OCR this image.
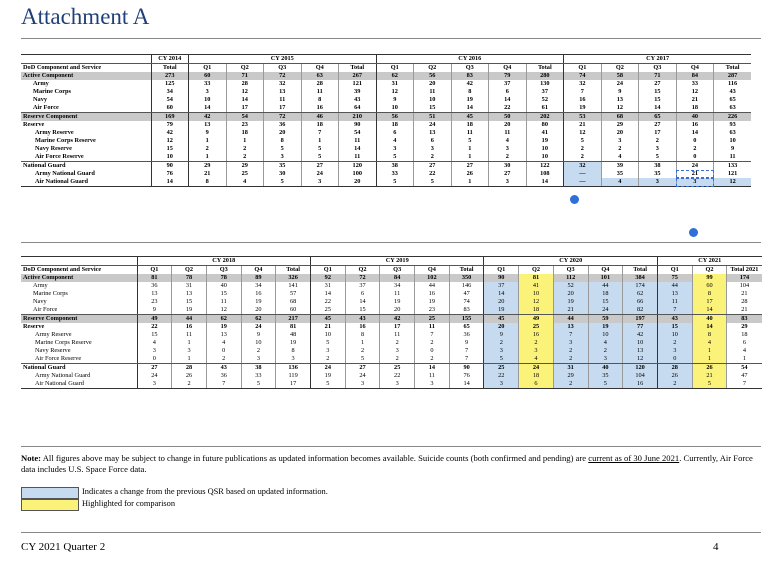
Attachment A
	CY 2014	CY 2015					CY 2016					CY 2017				
DoD Component and Service	Total	Q1	Q2	Q3	Q4	Total	Q1	Q2	Q3	Q4	Total	Q1	Q2	Q3	Q4	Total
Active Component	273	60	71	72	63	267	62	56	83	79	280	74	58	71	84	287
Army	125	33	28	32	28	121	31	20	42	37	130	32	24	27	33	116
Marine Corps	34	3	12	13	11	39	12	11	8	6	37	7	9	15	12	43
Navy	54	10	14	11	8	43	9	10	19	14	52	16	13	15	21	65
Air Force	60	14	17	17	16	64	10	15	14	22	61	19	12	14	18	63
Reserve Component	169	42	54	72	46	210	56	51	45	50	202	53	68	65	40	226
Reserve	79	13	23	36	18	90	18	24	18	20	80	21	29	27	16	93
Army Reserve	42	9	18	20	7	54	6	13	11	11	41	12	20	17	14	63
Marine Corps Reserve	12	1	1	8	1	11	4	6	5	4	19	5	3	2	0	10
Navy Reserve	15	2	2	5	5	14	3	3	1	3	10	2	2	3	2	9
Air Force Reserve	10	1	2	3	5	11	5	2	1	2	10	2	4	5	0	11
National Guard	90	29	29	35	27	120	38	27	27	30	122	32	39	38	24	133
Army National Guard	76	21	25	30	24	100	33	22	26	27	108	—	35	35	21	121
Air National Guard	14	8	4	5	3	20	5	5	1	3	14	—	4	3	3	12
	CY 2018					CY 2019					CY 2020					CY 2021		
DoD Component and Service	Q1	Q2	Q3	Q4	Total	Q1	Q2	Q3	Q4	Total	Q1	Q2	Q3	Q4	Total	Q1	Q2	Total 2021
Active Component	81	78	78	89	326	92	72	84	102	350	90	81	112	101	384	75	99	174
Army	36	31	40	34	141	31	37	34	44	146	37	41	52	44	174	44	60	104
Marine Corps	13	13	15	16	57	14	6	11	16	47	14	10	20	18	62	13	8	21
Navy	23	15	11	19	68	22	14	19	19	74	20	12	19	15	66	11	17	28
Air Force	9	19	12	20	60	25	15	20	23	83	19	18	21	24	82	7	14	21
Reserve Component	49	44	62	62	217	45	43	42	25	155	45	49	44	59	197	43	40	83
Reserve	22	16	19	24	81	21	16	17	11	65	20	25	13	19	77	15	14	29
Army Reserve	15	11	13	9	48	10	8	11	7	36	9	16	7	10	42	10	8	18
Marine Corps Reserve	4	1	4	10	19	5	1	2	2	9	2	2	3	4	10	2	4	6
Navy Reserve	3	3	0	2	8	3	2	3	0	7	3	3	2	2	13	3	1	4
Air Force Reserve	0	1	2	3	3	2	5	2	2	7	5	4	2	3	12	0	1	1
National Guard	27	28	43	38	136	24	27	25	14	90	25	24	31	40	120	28	26	54
Army National Guard	24	26	36	33	119	19	24	22	11	76	22	18	29	35	104	26	21	47
Air National Guard	3	2	7	5	17	5	3	3	3	14	3	6	2	5	16	2	5	7
Note: All figures above may be subject to change in future publications as updated information becomes available. Suicide counts (both confirmed and pending) are current as of 30 June 2021. Currently, Air Force data includes U.S. Space Force data.
Indicates a change from the previous QSR based on updated information.
Highlighted for comparison
CY 2021 Quarter 2	4
